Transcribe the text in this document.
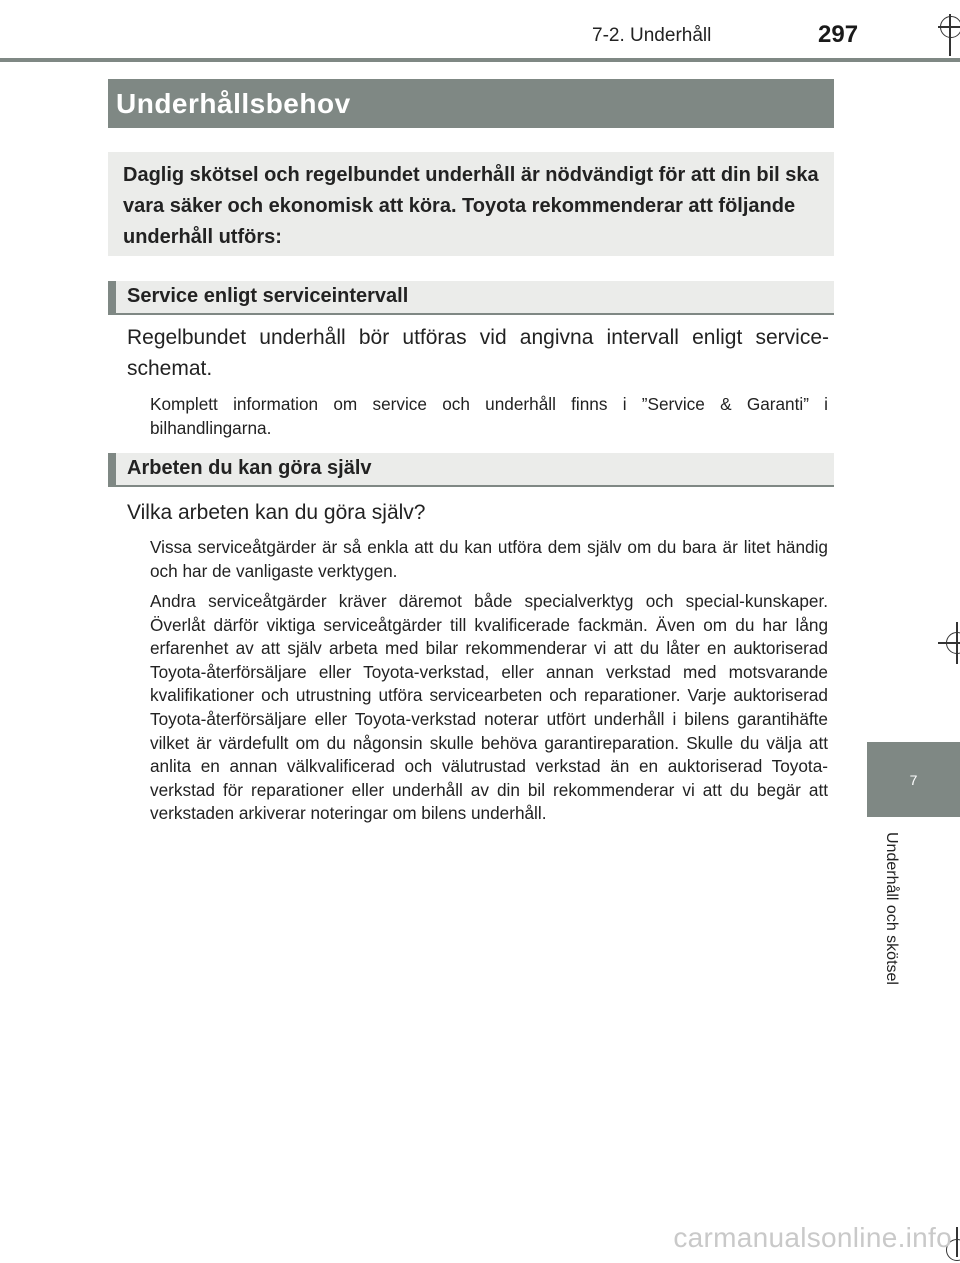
7-2. Underhåll	297
Underhållsbehov
Daglig skötsel och regelbundet underhåll är nödvändigt för att din bil ska vara säker och ekonomisk att köra. Toyota rekommenderar att följande underhåll utförs:
Service enligt serviceintervall
Regelbundet underhåll bör utföras vid angivna intervall enligt service-schemat.
Komplett information om service och underhåll finns i ”Service & Garanti” i bilhandlingarna.
Arbeten du kan göra själv
Vilka arbeten kan du göra själv?
Vissa serviceåtgärder är så enkla att du kan utföra dem själv om du bara är litet händig och har de vanligaste verktygen.
Andra serviceåtgärder kräver däremot både specialverktyg och special-kunskaper. Överlåt därför viktiga serviceåtgärder till kvalificerade fackmän. Även om du har lång erfarenhet av att själv arbeta med bilar rekommenderar vi att du låter en auktoriserad Toyota-återförsäljare eller Toyota-verkstad, eller annan verkstad med motsvarande kvalifikationer och utrustning utföra servicearbeten och reparationer. Varje auktoriserad Toyota-återförsäljare eller Toyota-verkstad noterar utfört underhåll i bilens garantihäfte vilket är värdefullt om du någonsin skulle behöva garantireparation. Skulle du välja att anlita en annan välkvalificerad och välutrustad verkstad än en auktoriserad Toyota-verkstad för reparationer eller underhåll av din bil rekommenderar vi att du begär att verkstaden arkiverar noteringar om bilens underhåll.
7
Underhåll och skötsel
carmanualsonline.info
